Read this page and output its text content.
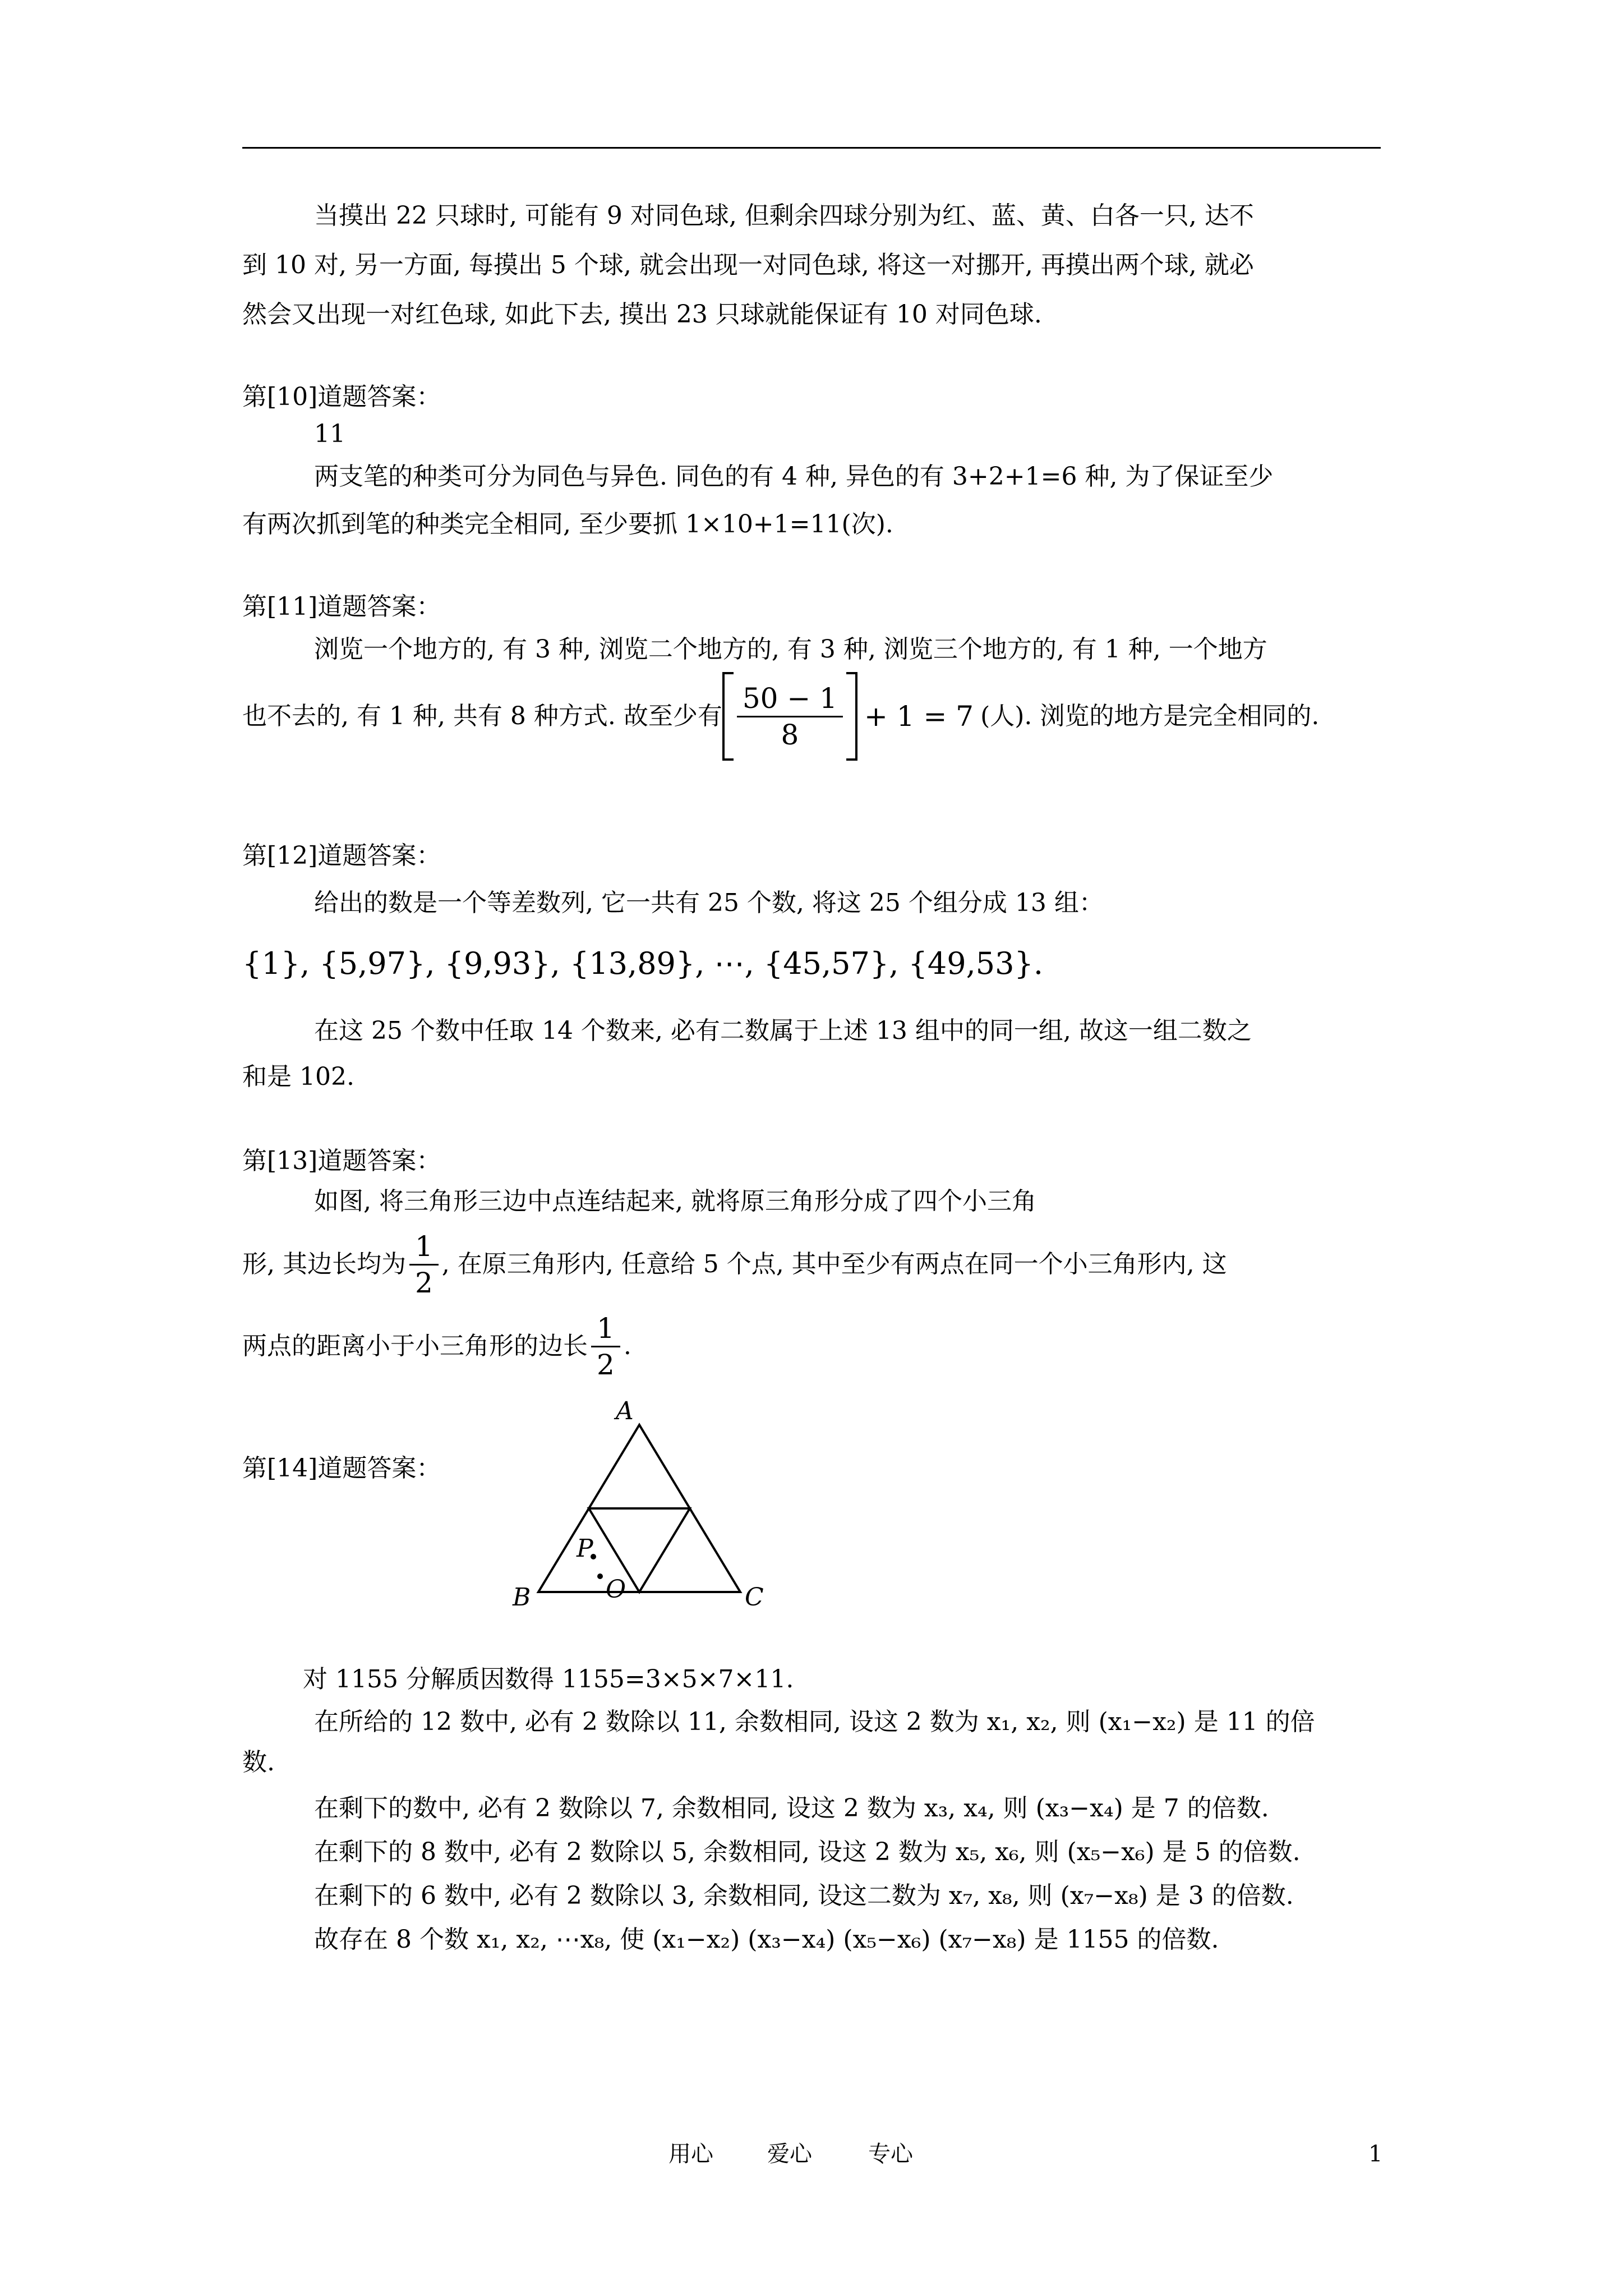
当摸出 22 只球时, 可能有 9 对同色球, 但剩余四球分别为红、蓝、黄、白各一只, 达不
到 10 对, 另一方面, 每摸出 5 个球, 就会出现一对同色球, 将这一对挪开, 再摸出两个球, 就必
然会又出现一对红色球, 如此下去, 摸出 23 只球就能保证有 10 对同色球.
第[10]道题答案：
11
两支笔的种类可分为同色与异色. 同色的有 4 种, 异色的有 3+2+1=6 种, 为了保证至少
有两次抓到笔的种类完全相同, 至少要抓 1×10+1=11(次).
第[11]道题答案：
浏览一个地方的, 有 3 种, 浏览二个地方的, 有 3 种, 浏览三个地方的, 有 1 种, 一个地方
也不去的, 有 1 种, 共有 8 种方式. 故至少有 $\frac{50 - 1}{8} + 1 = 7$ (人). 浏览的地方是完全相同的.
第[12]道题答案：
给出的数是一个等差数列, 它一共有 25 个数, 将这 25 个组分成 13 组：
{1}, {5,97}, {9,93}, {13,89}, ⋯, {45,57}, {49,53}.
在这 25 个数中任取 14 个数来, 必有二数属于上述 13 组中的同一组, 故这一组二数之
和是 102.
第[13]道题答案：
如图, 将三角形三边中点连结起来, 就将原三角形分成了四个小三角
形, 其边长均为 $\frac{1}{2}$ , 在原三角形内, 任意给 5 个点, 其中至少有两点在同一个小三角形内, 这
两点的距离小于小三角形的边长 $\frac{1}{2}$ .
第[14]道题答案：
A
B	C
P
O
对 1155 分解质因数得 1155=3×5×7×11.
在所给的 12 数中, 必有 2 数除以 11, 余数相同, 设这 2 数为 x₁, x₂, 则 (x₁−x₂) 是 11 的倍
数.
在剩下的数中, 必有 2 数除以 7, 余数相同, 设这 2 数为 x₃, x₄, 则 (x₃−x₄) 是 7 的倍数.
在剩下的 8 数中, 必有 2 数除以 5, 余数相同, 设这 2 数为 x₅, x₆, 则 (x₅−x₆) 是 5 的倍数.
在剩下的 6 数中, 必有 2 数除以 3, 余数相同, 设这二数为 x₇, x₈, 则 (x₇−x₈) 是 3 的倍数.
故存在 8 个数 x₁, x₂, ⋯x₈, 使 (x₁−x₂) (x₃−x₄) (x₅−x₆) (x₇−x₈) 是 1155 的倍数.
用心 爱心	专心	1
